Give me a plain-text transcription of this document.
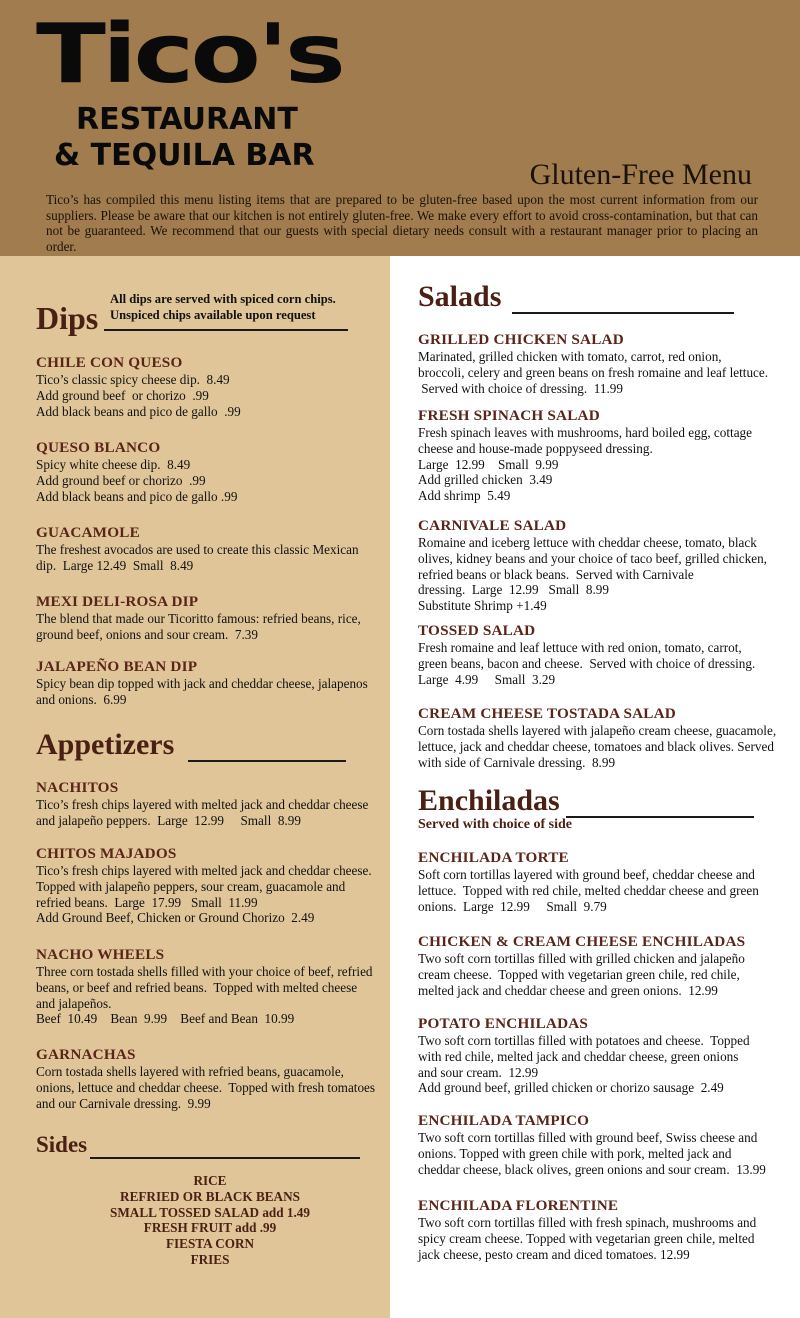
Tico's
RESTAURANT
& TEQUILA BAR
Gluten-Free Menu
Tico’s has compiled this menu listing items that are prepared to be gluten-free based upon the most current information from our suppliers. Please be aware that our kitchen is not entirely gluten-free. We make every effort to avoid cross-contamination, but that can not be guaranteed. We recommend that our guests with special dietary needs consult with a restaurant manager prior to placing an order.
Dips
All dips are served with spiced corn chips.
Unspiced chips available upon request
CHILE CON QUESO
Tico’s classic spicy cheese dip.  8.49
Add ground beef  or chorizo  .99
Add black beans and pico de gallo  .99
QUESO BLANCO
Spicy white cheese dip.  8.49
Add ground beef or chorizo  .99
Add black beans and pico de gallo .99
GUACAMOLE
The freshest avocados are used to create this classic Mexican
dip.  Large 12.49  Small  8.49
MEXI DELI-ROSA DIP
The blend that made our Ticoritto famous: refried beans, rice,
ground beef, onions and sour cream.  7.39
JALAPEÑO BEAN DIP
Spicy bean dip topped with jack and cheddar cheese, jalapenos
and onions.  6.99
Appetizers
NACHITOS
Tico’s fresh chips layered with melted jack and cheddar cheese
and jalapeño peppers.  Large  12.99     Small  8.99
CHITOS MAJADOS
Tico’s fresh chips layered with melted jack and cheddar cheese.
Topped with jalapeño peppers, sour cream, guacamole and
refried beans.  Large  17.99   Small  11.99
Add Ground Beef, Chicken or Ground Chorizo  2.49
NACHO WHEELS
Three corn tostada shells filled with your choice of beef, refried
beans, or beef and refried beans.  Topped with melted cheese
and jalapeños.
Beef  10.49    Bean  9.99    Beef and Bean  10.99
GARNACHAS
Corn tostada shells layered with refried beans, guacamole,
onions, lettuce and cheddar cheese.  Topped with fresh tomatoes
and our Carnivale dressing.  9.99
Sides
RICE
REFRIED OR BLACK BEANS
SMALL TOSSED SALAD add 1.49
FRESH FRUIT add .99
FIESTA CORN
FRIES
Salads
GRILLED CHICKEN SALAD
Marinated, grilled chicken with tomato, carrot, red onion,
broccoli, celery and green beans on fresh romaine and leaf lettuce.
Served with choice of dressing.  11.99
FRESH SPINACH SALAD
Fresh spinach leaves with mushrooms, hard boiled egg, cottage
cheese and house-made poppyseed dressing.
Large  12.99    Small  9.99
Add grilled chicken  3.49
Add shrimp  5.49
CARNIVALE SALAD
Romaine and iceberg lettuce with cheddar cheese, tomato, black
olives, kidney beans and your choice of taco beef, grilled chicken,
refried beans or black beans.  Served with Carnivale
dressing.  Large  12.99   Small  8.99
Substitute Shrimp +1.49
TOSSED SALAD
Fresh romaine and leaf lettuce with red onion, tomato, carrot,
green beans, bacon and cheese.  Served with choice of dressing.
Large  4.99     Small  3.29
CREAM CHEESE TOSTADA SALAD
Corn tostada shells layered with jalapeño cream cheese, guacamole,
lettuce, jack and cheddar cheese, tomatoes and black olives. Served
with side of Carnivale dressing.  8.99
Enchiladas
Served with choice of side
ENCHILADA TORTE
Soft corn tortillas layered with ground beef, cheddar cheese and
lettuce.  Topped with red chile, melted cheddar cheese and green
onions.  Large  12.99     Small  9.79
CHICKEN & CREAM CHEESE ENCHILADAS
Two soft corn tortillas filled with grilled chicken and jalapeño
cream cheese.  Topped with vegetarian green chile, red chile,
melted jack and cheddar cheese and green onions.  12.99
POTATO ENCHILADAS
Two soft corn tortillas filled with potatoes and cheese.  Topped
with red chile, melted jack and cheddar cheese, green onions
and sour cream.  12.99
Add ground beef, grilled chicken or chorizo sausage  2.49
ENCHILADA TAMPICO
Two soft corn tortillas filled with ground beef, Swiss cheese and
onions. Topped with green chile with pork, melted jack and
cheddar cheese, black olives, green onions and sour cream.  13.99
ENCHILADA FLORENTINE
Two soft corn tortillas filled with fresh spinach, mushrooms and
spicy cream cheese. Topped with vegetarian green chile, melted
jack cheese, pesto cream and diced tomatoes. 12.99
